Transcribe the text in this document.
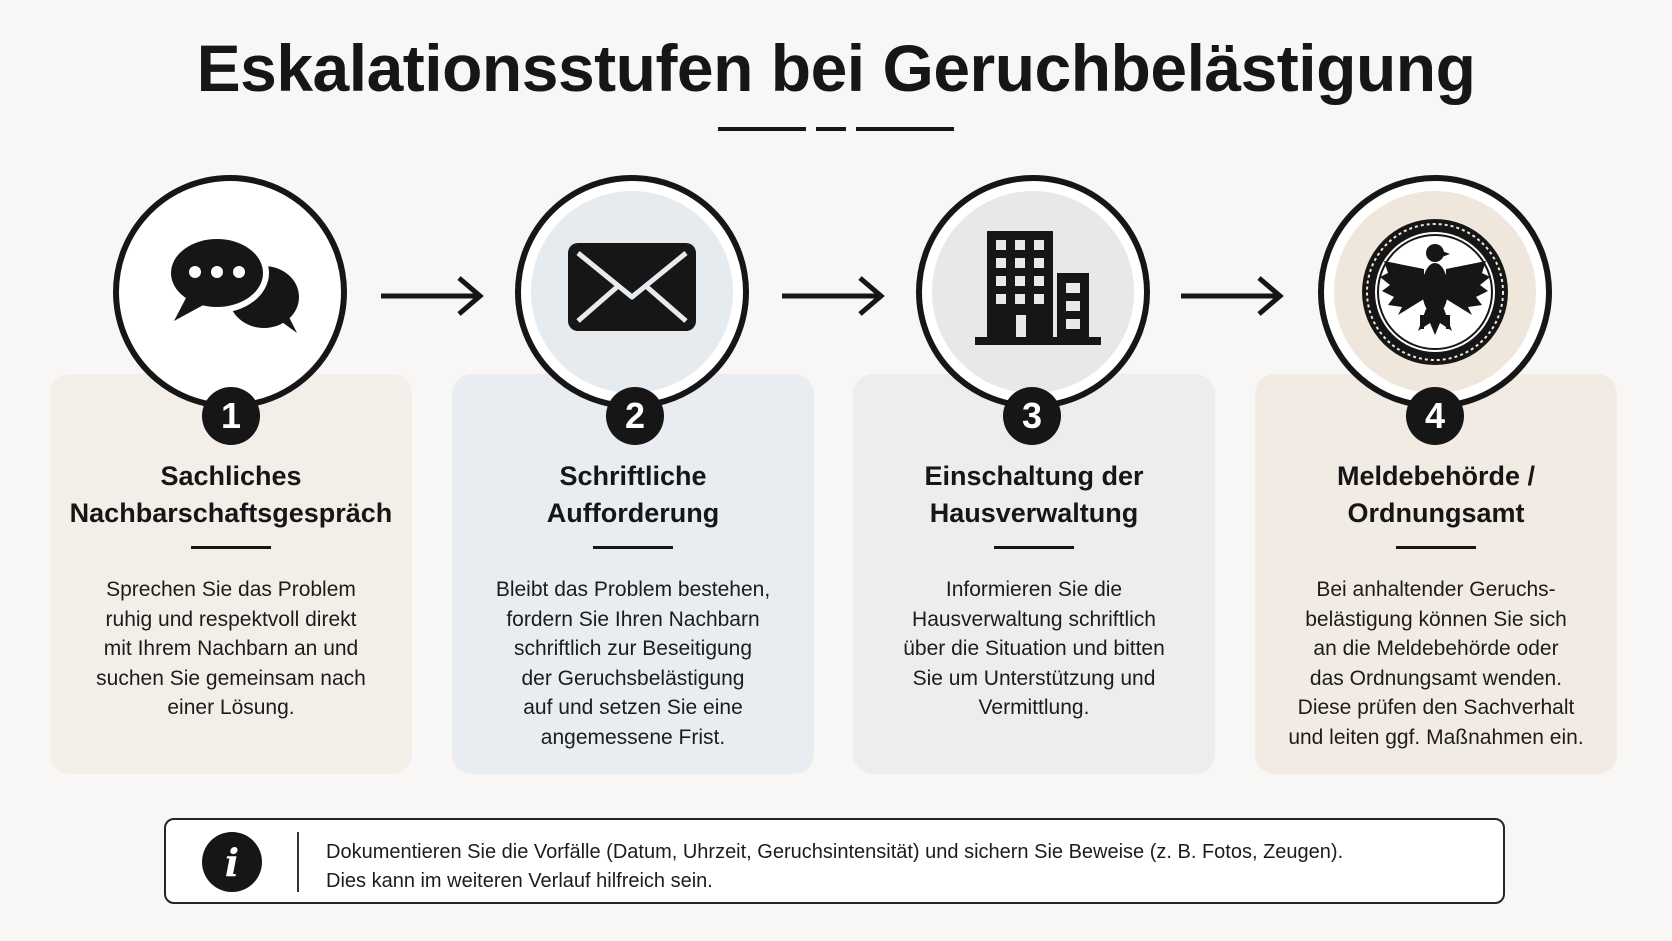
Eskalationsstufen bei Geruchbelästigung
1	2	3	4
Sachliches
Nachbarschaftsgespräch
Sprechen Sie das Problem
ruhig und respektvoll direkt
mit Ihrem Nachbarn an und
suchen Sie gemeinsam nach
einer Lösung.
Schriftliche
Aufforderung
Bleibt das Problem bestehen,
fordern Sie Ihren Nachbarn
schriftlich zur Beseitigung
der Geruchsbelästigung
auf und setzen Sie eine
angemessene Frist.
Einschaltung der
Hausverwaltung
Informieren Sie die
Hausverwaltung schriftlich
über die Situation und bitten
Sie um Unterstützung und
Vermittlung.
Meldebehörde /
Ordnungsamt
Bei anhaltender Geruchs-
belästigung können Sie sich
an die Meldebehörde oder
das Ordnungsamt wenden.
Diese prüfen den Sachverhalt
und leiten ggf. Maßnahmen ein.
i	Dokumentieren Sie die Vorfälle (Datum, Uhrzeit, Geruchsintensität) und sichern Sie Beweise (z. B. Fotos, Zeugen).
Dies kann im weiteren Verlauf hilfreich sein.
